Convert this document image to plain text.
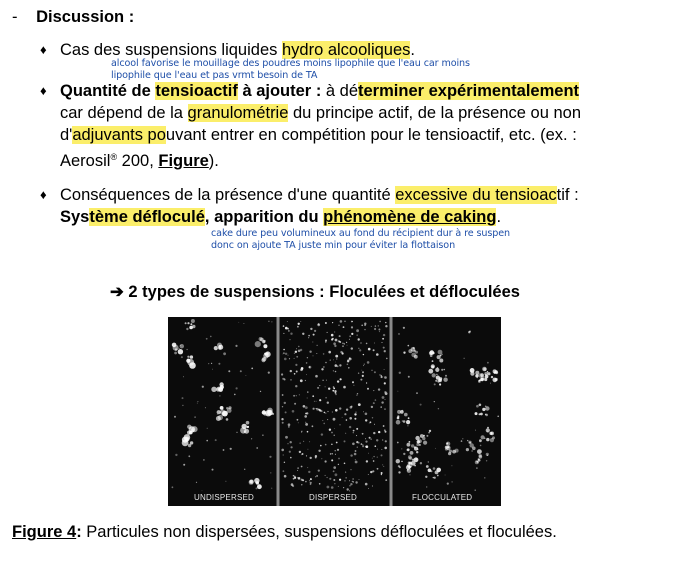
- Discussion :
♦ Cas des suspensions liquides hydro alcooliques.
alcool favorise le mouillage des poudres moins lipophile que l'eau car moins
lipophile que l'eau et pas vrmt besoin de TA
♦ Quantité de tensioactif à ajouter : à déterminer expérimentalement
car dépend de la granulométrie du principe actif, de la présence ou non
d'adjuvants pouvant entrer en compétition pour le tensioactif, etc. (ex. :
Aerosil® 200, Figure).
♦ Conséquences de la présence d'une quantité excessive du tensioactif :
Système défloculé, apparition du phénomène de caking.
cake dure peu volumineux au fond du récipient dur à re suspen
donc on ajoute TA juste min pour éviter la flottaison
➔ 2 types de suspensions : Floculées et défloculées
UNDISPERSED	DISPERSED	FLOCCULATED
Figure 4: Particules non dispersées, suspensions défloculées et floculées.
